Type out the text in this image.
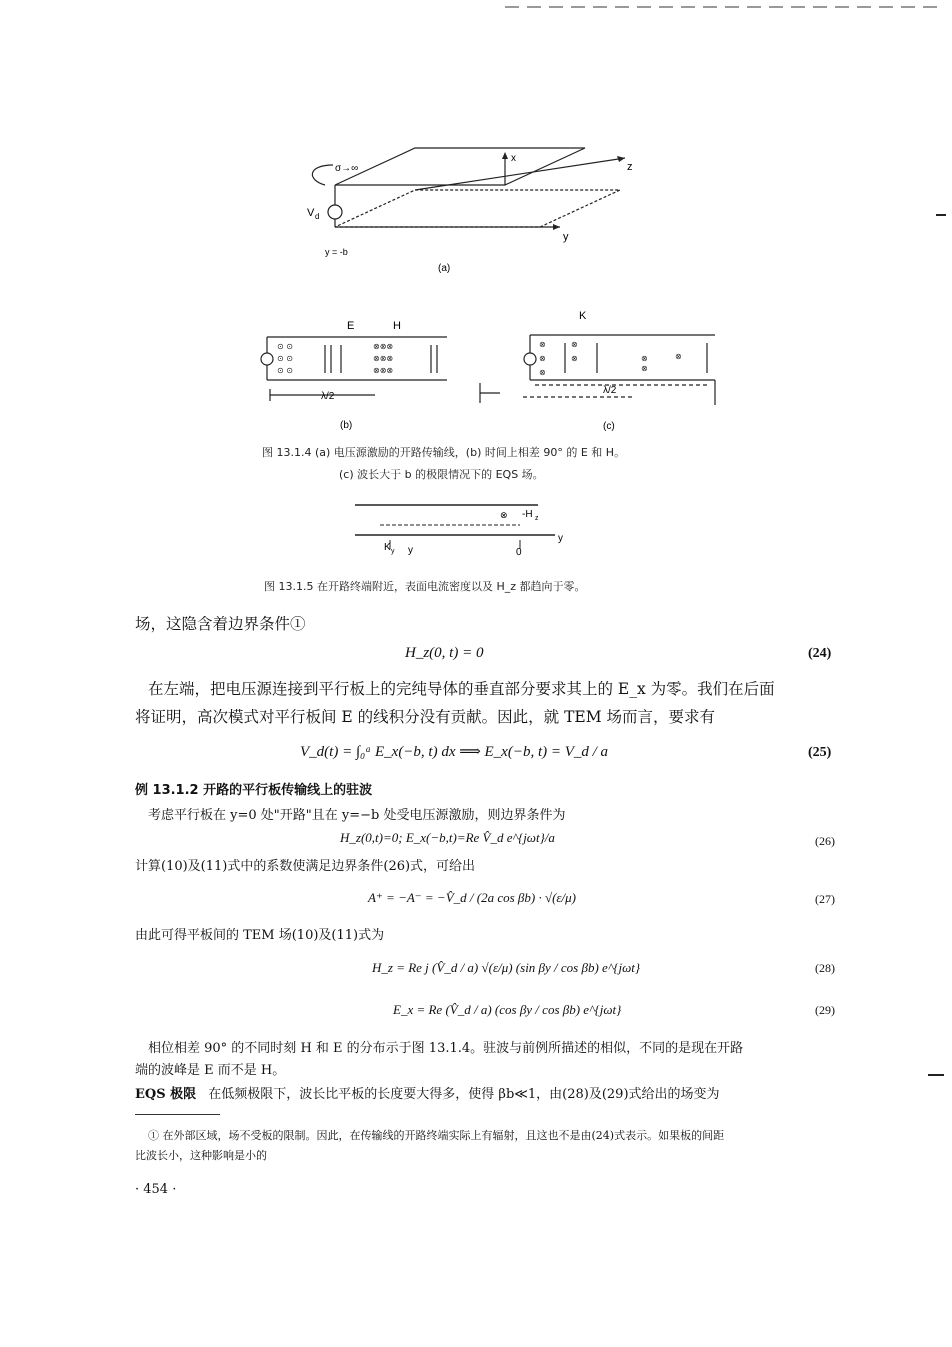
σ→∞
x
z
y
V d
y = -b
(a)
⊙ ⊙
⊙ ⊙
⊙ ⊙
⊗⊗⊗
⊗⊗⊗
⊗⊗⊗
E	H
λ/2
(b)
⊗
⊗
⊗
⊗
⊗	⊗
⊗
⊗
K
λ/2
(c)
图 13.1.4 (a) 电压源激励的开路传输线，(b) 时间上相差 90° 的 E 和 H。
(c) 波长大于 b 的极限情况下的 EQS 场。
⊗ -H z
y
K y y	0
图 13.1.5 在开路终端附近，表面电流密度以及 H_z 都趋向于零。
场，这隐含着边界条件①
H_z(0, t) = 0	(24)
在左端，把电压源连接到平行板上的完纯导体的垂直部分要求其上的 E_x 为零。我们在后面
将证明，高次模式对平行板间 E 的线积分没有贡献。因此，就 TEM 场而言，要求有
V_d(t) = ∫₀ᵃ E_x(−b, t) dx ⟹ E_x(−b, t) = V_d / a	(25)
例 13.1.2 开路的平行板传输线上的驻波
考虑平行板在 y=0 处"开路"且在 y=−b 处受电压源激励，则边界条件为
H_z(0,t)=0; E_x(−b,t)=Re V̂_d e^{jωt}/a	(26)
计算(10)及(11)式中的系数使满足边界条件(26)式，可给出
A⁺ = −A⁻ = −V̂_d / (2a cos βb) · √(ε/μ)	(27)
由此可得平板间的 TEM 场(10)及(11)式为
H_z = Re j (V̂_d / a) √(ε/μ) (sin βy / cos βb) e^{jωt}	(28)
E_x = Re (V̂_d / a) (cos βy / cos βb) e^{jωt}	(29)
相位相差 90° 的不同时刻 H 和 E 的分布示于图 13.1.4。驻波与前例所描述的相似，不同的是现在开路
端的波峰是 E 而不是 H。
EQS 极限 在低频极限下，波长比平板的长度要大得多，使得 βb≪1，由(28)及(29)式给出的场变为
① 在外部区域，场不受板的限制。因此，在传输线的开路终端实际上有辐射，且这也不是由(24)式表示。如果板的间距
比波长小，这种影响是小的
· 454 ·
